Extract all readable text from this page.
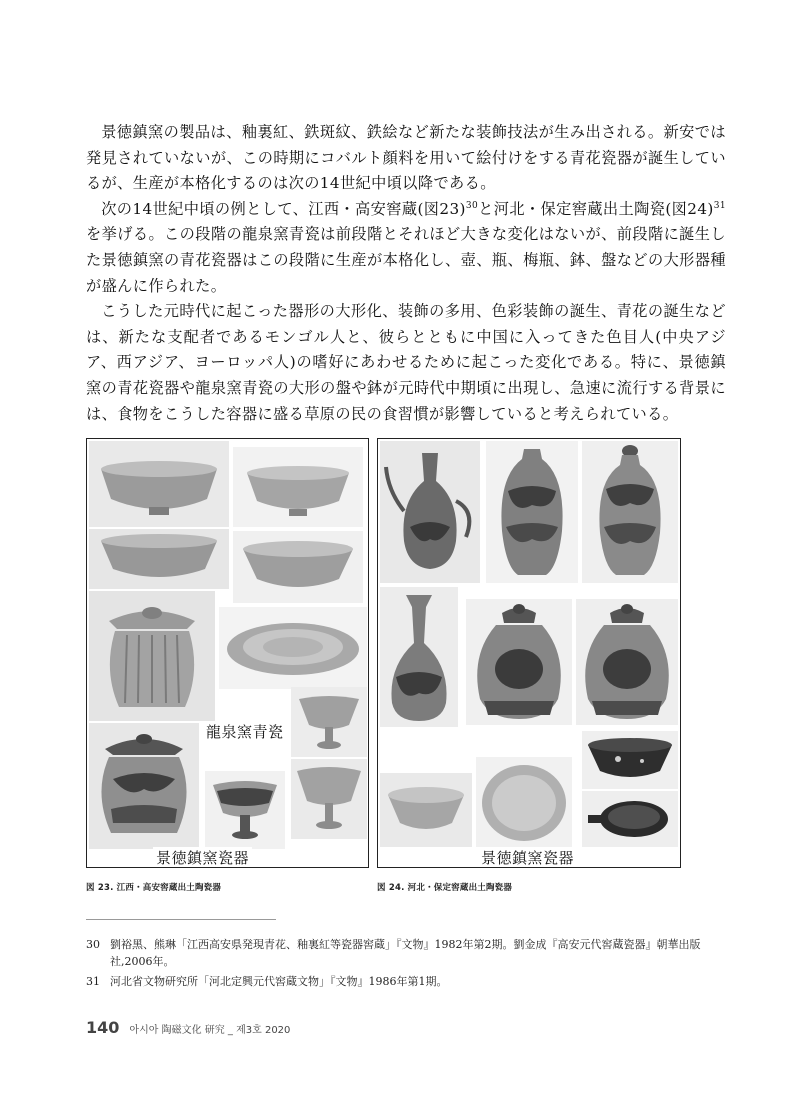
景徳鎮窯の製品は、釉裏紅、鉄斑紋、鉄絵など新たな装飾技法が生み出される。新安では発見されていないが、この時期にコバルト顔料を用いて絵付けをする青花瓷器が誕生しているが、生産が本格化するのは次の14世紀中頃以降である。

次の14世紀中頃の例として、江西・高安窖蔵(図23)$^{30}$と河北・保定窖蔵出土陶瓷(図24)$^{31}$を挙げる。この段階の龍泉窯青瓷は前段階とそれほど大きな変化はないが、前段階に誕生した景徳鎮窯の青花瓷器はこの段階に生産が本格化し、壺、瓶、梅瓶、鉢、盤などの大形器種が盛んに作られた。

こうした元時代に起こった器形の大形化、装飾の多用、色彩装飾の誕生、青花の誕生などは、新たな支配者であるモンゴル人と、彼らとともに中国に入ってきた色目人(中央アジア、西アジア、ヨーロッパ人)の嗜好にあわせるために起こった変化である。特に、景徳鎮窯の青花瓷器や龍泉窯青瓷の大形の盤や鉢が元時代中期頃に出現し、急速に流行する背景には、食物をこうした容器に盛る草原の民の食習慣が影響していると考えられている。

龍泉窯青瓷
景徳鎮窯瓷器	景徳鎮窯瓷器
図 23. 江西・高安窖蔵出土陶瓷器	図 24. 河北・保定窖蔵出土陶瓷器
30 劉裕黑、熊琳「江西高安県発現青花、釉裏紅等瓷器窖蔵」『文物』1982年第2期。劉金成『高安元代窖蔵瓷器』朝華出版社,2006年。
31 河北省文物研究所「河北定興元代窖蔵文物」『文物』1986年第1期。
140 아시아 陶磁文化 研究 _ 제3호 2020
